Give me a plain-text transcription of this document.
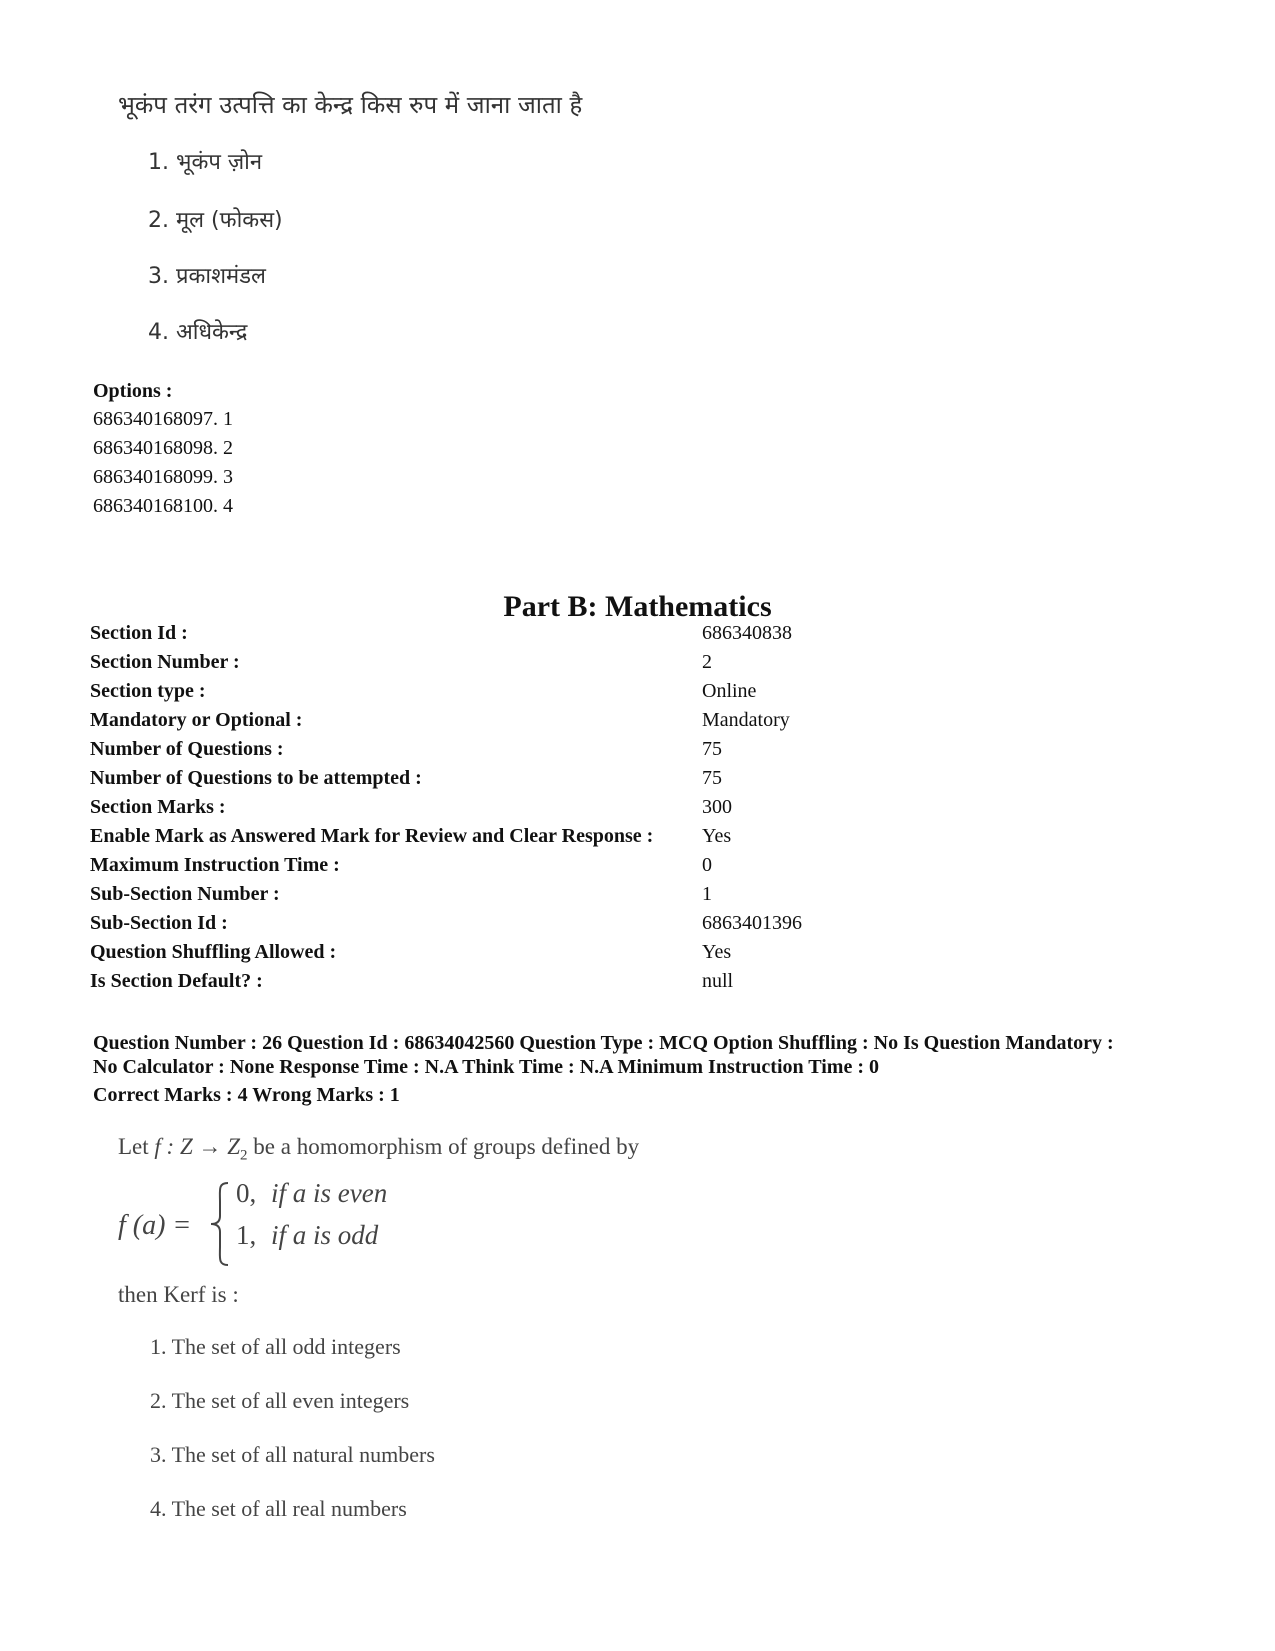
भूकंप तरंग उत्पत्ति का केन्द्र किस रुप में जाना जाता है
1. भूकंप ज़ोन
2. मूल (फोकस)
3. प्रकाशमंडल
4. अधिकेन्द्र
Options :
686340168097. 1
686340168098. 2
686340168099. 3
686340168100. 4
Part B: Mathematics
Section Id :	686340838
Section Number :	2
Section type :	Online
Mandatory or Optional :	Mandatory
Number of Questions :	75
Number of Questions to be attempted :	75
Section Marks :	300
Enable Mark as Answered Mark for Review and Clear Response : Yes
Maximum Instruction Time :	0
Sub-Section Number :	1
Sub-Section Id :	6863401396
Question Shuffling Allowed :	Yes
Is Section Default? :	null
Question Number : 26 Question Id : 68634042560 Question Type : MCQ Option Shuffling : No Is Question Mandatory :
No Calculator : None Response Time : N.A Think Time : N.A Minimum Instruction Time : 0
Correct Marks : 4 Wrong Marks : 1
Let f : $Z \to Z_2$ be a homomorphism of groups defined by
f (a) =
0, if a is even
1, if a is odd
then Kerf is :
1. The set of all odd integers
2. The set of all even integers
3. The set of all natural numbers
4. The set of all real numbers
